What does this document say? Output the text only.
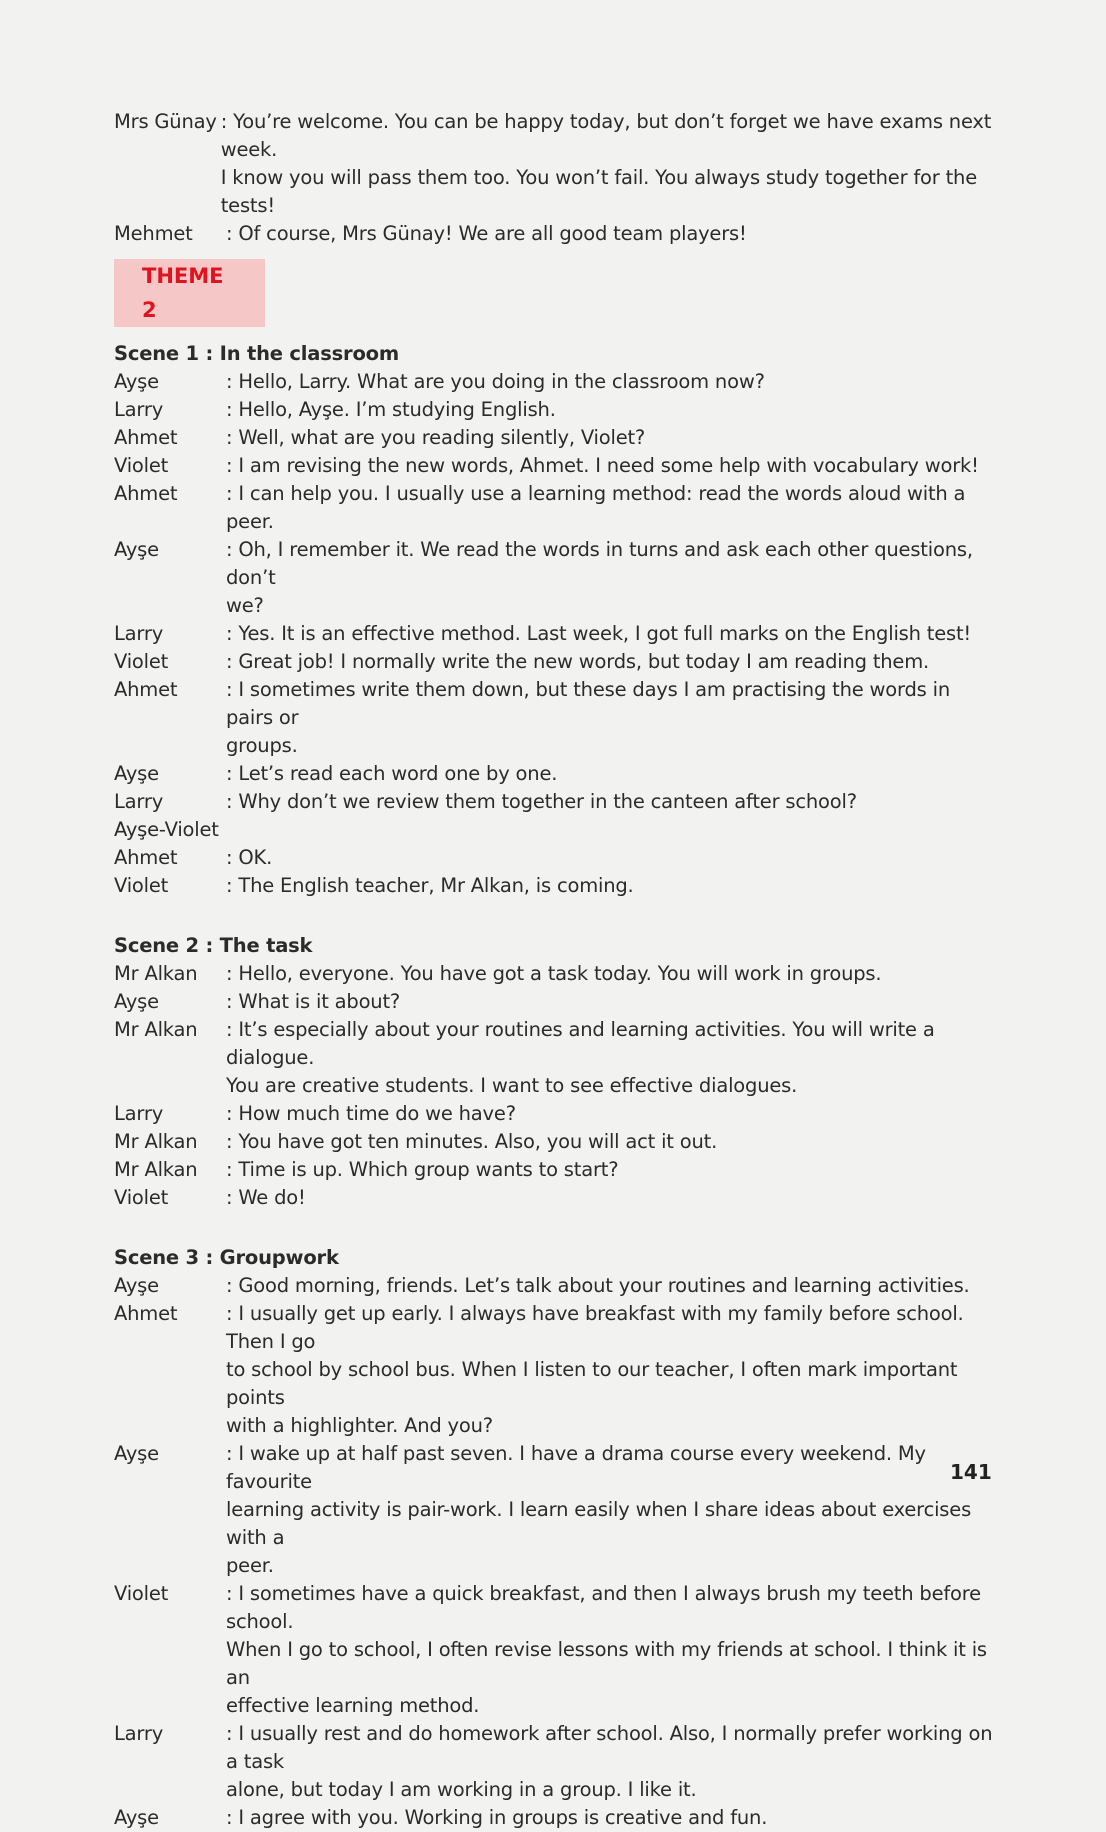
Mrs Günay : You’re welcome. You can be happy today, but don’t forget we have exams next week.
I know you will pass them too. You won’t fail. You always study together for the tests!
Mehmet	: Of course, Mrs Günay! We are all good team players!
THEME 2
Scene 1 : In the classroom
Ayşe	: Hello, Larry. What are you doing in the classroom now?
Larry	: Hello, Ayşe. I’m studying English.
Ahmet	: Well, what are you reading silently, Violet?
Violet	: I am revising the new words, Ahmet. I need some help with vocabulary work!
Ahmet	: I can help you. I usually use a learning method: read the words aloud with a peer.
Ayşe	: Oh, I remember it. We read the words in turns and ask each other questions, don’t
we?
Larry	: Yes. It is an effective method. Last week, I got full marks on the English test!
Violet	: Great job! I normally write the new words, but today I am reading them.
Ahmet	: I sometimes write them down, but these days I am practising the words in pairs or
groups.
Ayşe	: Let’s read each word one by one.
Larry	: Why don’t we review them together in the canteen after school?
Ayşe-Violet
Ahmet	: OK.
Violet	: The English teacher, Mr Alkan, is coming.
Scene 2 : The task
Mr Alkan	: Hello, everyone. You have got a task today. You will work in groups.
Ayşe	: What is it about?
Mr Alkan	: It’s especially about your routines and learning activities. You will write a dialogue.
You are creative students. I want to see effective dialogues.
Larry	: How much time do we have?
Mr Alkan	: You have got ten minutes. Also, you will act it out.
Mr Alkan	: Time is up. Which group wants to start?
Violet	: We do!
Scene 3 : Groupwork
Ayşe	: Good morning, friends. Let’s talk about your routines and learning activities.
Ahmet	: I usually get up early. I always have breakfast with my family before school. Then I go
to school by school bus. When I listen to our teacher, I often mark important points
with a highlighter. And you?
Ayşe	: I wake up at half past seven. I have a drama course every weekend. My favourite
learning activity is pair-work. I learn easily when I share ideas about exercises with a
peer.
Violet	: I sometimes have a quick breakfast, and then I always brush my teeth before school.
When I go to school, I often revise lessons with my friends at school. I think it is an
effective learning method.
Larry	: I usually rest and do homework after school. Also, I normally prefer working on a task
alone, but today I am working in a group. I like it.
Ayşe	: I agree with you. Working in groups is creative and fun.
141
